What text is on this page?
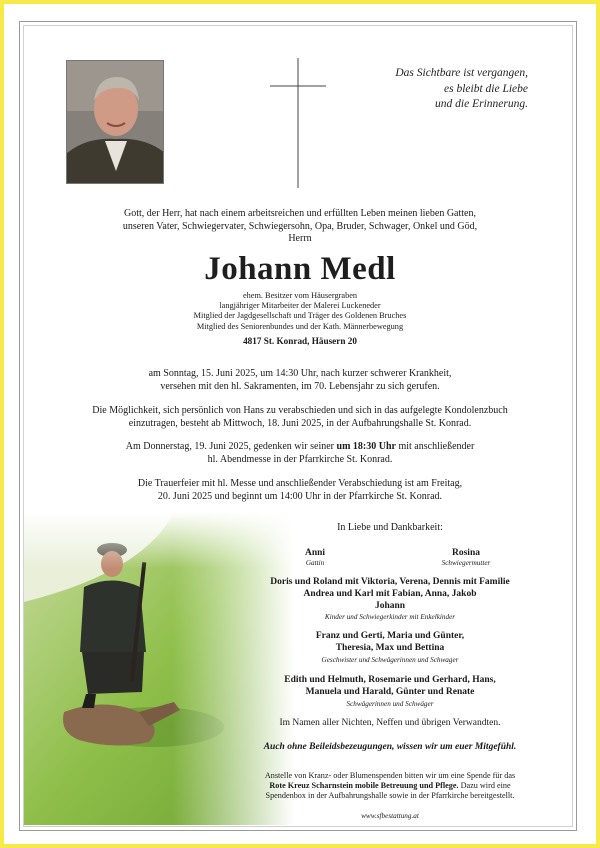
Das Sichtbare ist vergangen,
es bleibt die Liebe
und die Erinnerung.
Gott, der Herr, hat nach einem arbeitsreichen und erfüllten Leben meinen lieben Gatten,
unseren Vater, Schwiegervater, Schwiegersohn, Opa, Bruder, Schwager, Onkel und Göd,
Herrn
Johann Medl
ehem. Besitzer vom Häusergraben
langjähriger Mitarbeiter der Malerei Luckeneder
Mitglied der Jagdgesellschaft und Träger des Goldenen Bruches
Mitglied des Seniorenbundes und der Kath. Männerbewegung
4817 St. Konrad, Häusern 20
am Sonntag, 15. Juni 2025, um 14:30 Uhr, nach kurzer schwerer Krankheit,
versehen mit den hl. Sakramenten, im 70. Lebensjahr zu sich gerufen.
Die Möglichkeit, sich persönlich von Hans zu verabschieden und sich in das aufgelegte Kondolenzbuch
einzutragen, besteht ab Mittwoch, 18. Juni 2025, in der Aufbahrungshalle St. Konrad.
Am Donnerstag, 19. Juni 2025, gedenken wir seiner um 18:30 Uhr mit anschließender
hl. Abendmesse in der Pfarrkirche St. Konrad.
Die Trauerfeier mit hl. Messe und anschließender Verabschiedung ist am Freitag,
20. Juni 2025 und beginnt um 14:00 Uhr in der Pfarrkirche St. Konrad.
In Liebe und Dankbarkeit:
Anni
Gattin
Rosina
Schwiegermutter
Doris und Roland mit Viktoria, Verena, Dennis mit Familie
Andrea und Karl mit Fabian, Anna, Jakob
Johann
Kinder und Schwiegerkinder mit Enkelkinder
Franz und Gerti, Maria und Günter,
Theresia, Max und Bettina
Geschwister und Schwägerinnen und Schwager
Edith und Helmuth, Rosemarie und Gerhard, Hans,
Manuela und Harald, Günter und Renate
Schwägerinnen und Schwäger
Im Namen aller Nichten, Neffen und übrigen Verwandten.
Auch ohne Beileidsbezeugungen, wissen wir um euer Mitgefühl.
Anstelle von Kranz- oder Blumenspenden bitten wir um eine Spende für das
Rote Kreuz Scharnstein mobile Betreuung und Pflege. Dazu wird eine
Spendenbox in der Aufbahrungshalle sowie in der Pfarrkirche bereitgestellt.
www.sfbestattung.at
